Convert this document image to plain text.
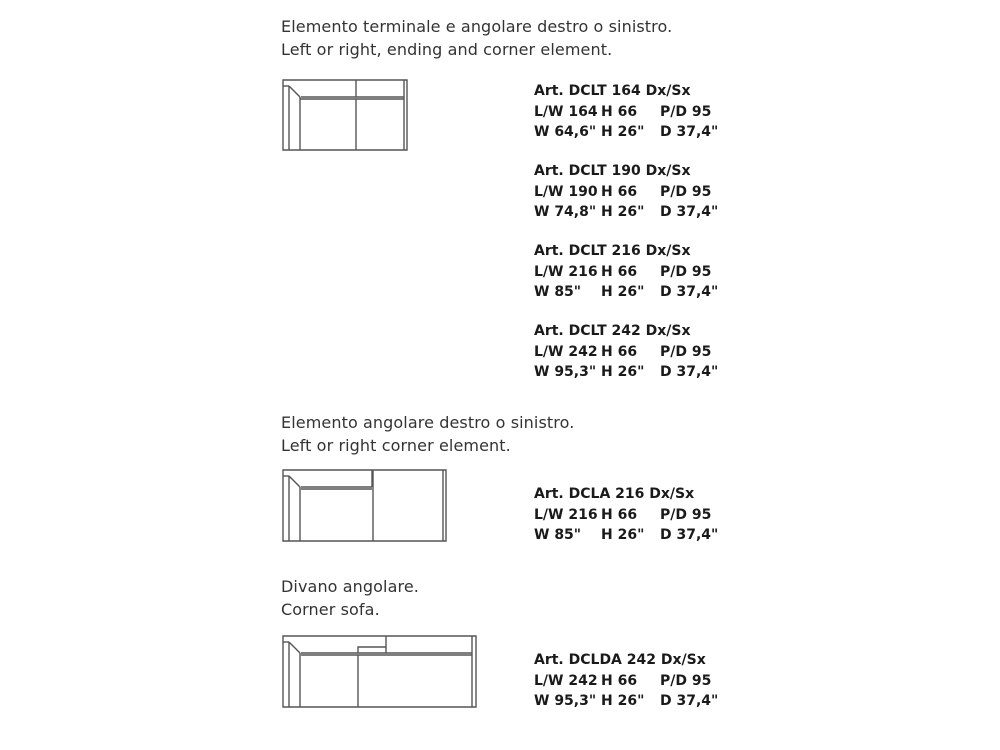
Elemento terminale e angolare destro o sinistro.
Left or right, ending and corner element.
Art. DCLT 164 Dx/Sx
L/W 164 H 66 P/D 95
W 64,6" H 26" D 37,4"
Art. DCLT 190 Dx/Sx
L/W 190 H 66 P/D 95
W 74,8" H 26" D 37,4"
Art. DCLT 216 Dx/Sx
L/W 216 H 66 P/D 95
W 85" H 26" D 37,4"
Art. DCLT 242 Dx/Sx
L/W 242 H 66 P/D 95
W 95,3" H 26" D 37,4"
Elemento angolare destro o sinistro.
Left or right corner element.
Art. DCLA 216 Dx/Sx
L/W 216 H 66 P/D 95
W 85" H 26" D 37,4"
Divano angolare.
Corner sofa.
Art. DCLDA 242 Dx/Sx
L/W 242 H 66 P/D 95
W 95,3" H 26" D 37,4"
